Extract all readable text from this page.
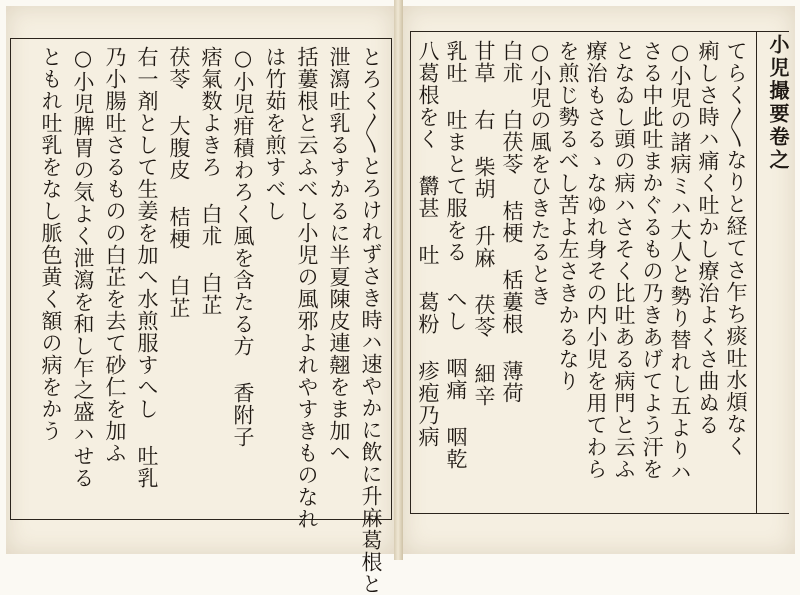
小児撮要卷之
てらく〱なりと経てさ乍ち痰吐水煩なく
痢しさ時ハ痛く吐かし療治よくさ曲ぬる
○小児の諸病ミハ大人と勢り替れし五よりハ
さる中此吐まかぐるもの乃きあげてよう汗を
となゐし頭の病ハさそく比吐ある病門と云ふ
療治もさるゝなゆれ身その内小児を用てわら
を煎じ勢るべし苦よ左さきかるなり
○小児の風をひきたるとき
白朮 白茯苓 桔梗 栝蔞根 薄荷
甘草 右 柴胡 升麻 茯苓 細辛
乳吐 吐まとて服をる へし 咽痛 咽乾
八葛根をく 欝甚 吐 葛粉 疹疱乃病
とろく〱とろけれずさき時ハ速やかに飲に升麻葛根と
泄瀉吐乳るすかるに半夏陳皮連翹をま加へ
括蔞根と云ふべし小児の風邪よれやすきものなれ
は竹茹を煎すべし
○小児疳積わろく風を含たる方 香附子
痞氣数よきろ 白朮 白芷
茯苓 大腹皮 桔梗 白芷
右一剤として生姜を加へ水煎服すへし 吐乳
乃小腸吐さるものの白芷を去て砂仁を加ふ
○小児脾胃の気よく泄瀉を和し乍之盛ハせる
ともれ吐乳をなし脈色黄く額の病をかう
